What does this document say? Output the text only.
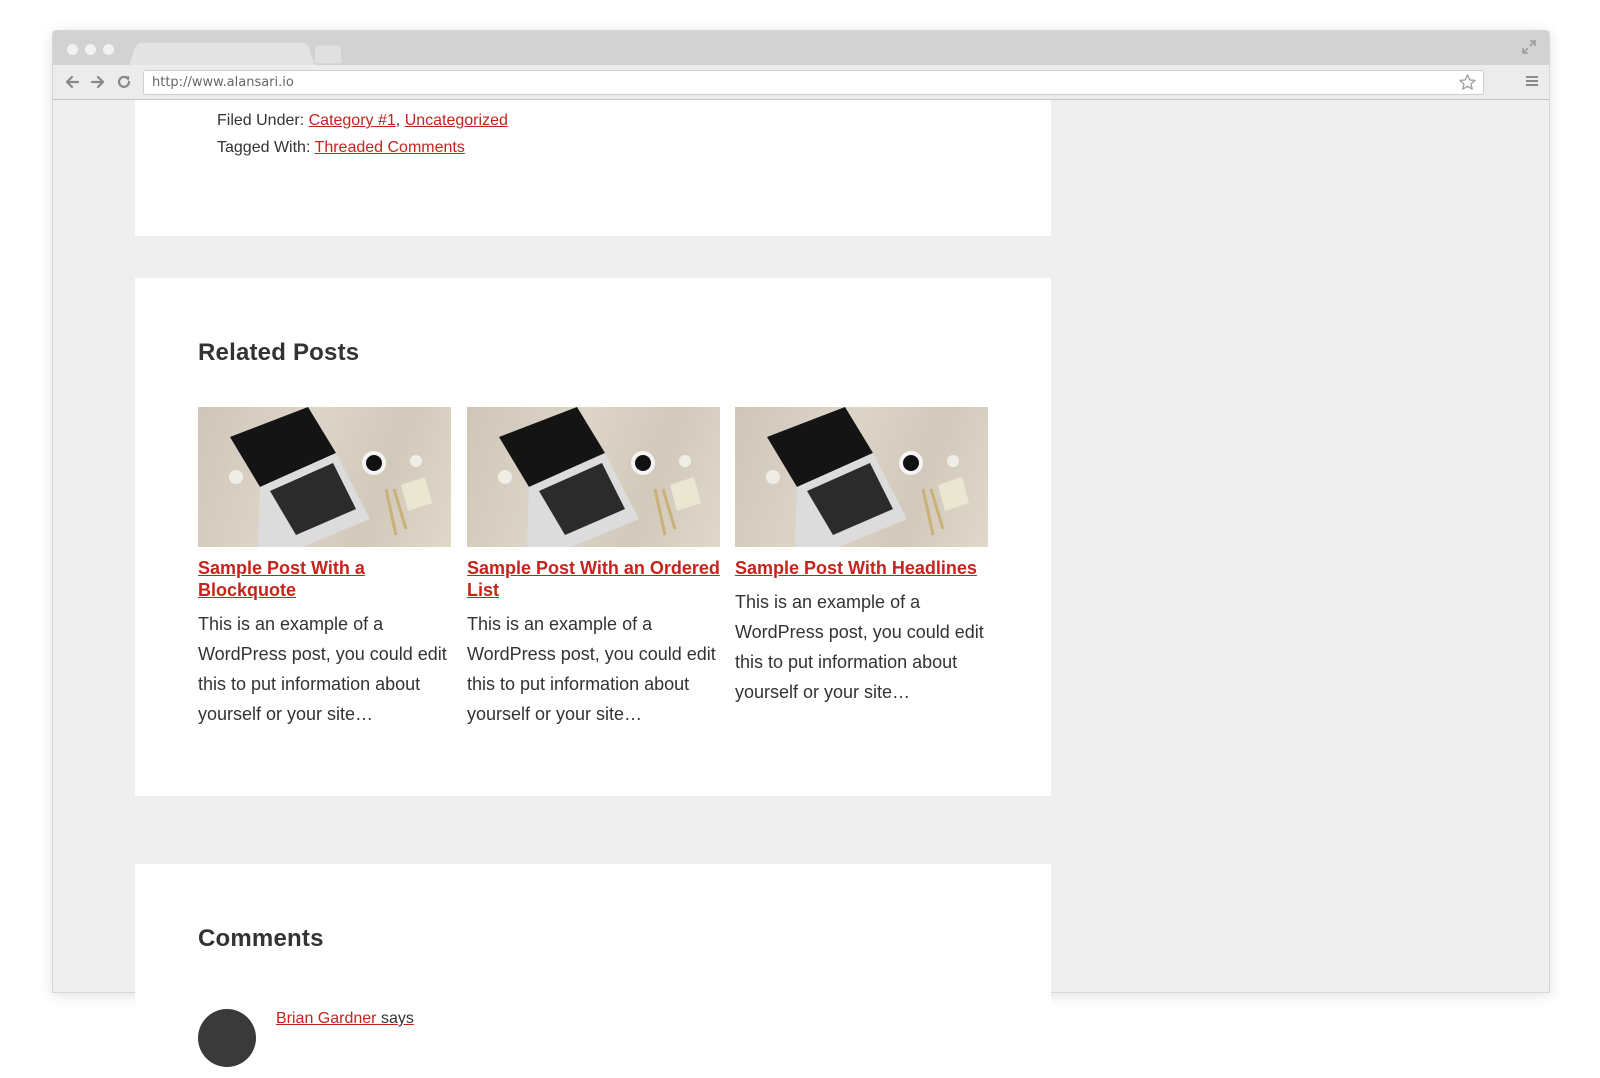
http://www.alansari.io
Filed Under: Category #1, Uncategorized
Tagged With: Threaded Comments
Related Posts
Sample Post With a Blockquote
This is an example of a WordPress post, you could edit this to put information about yourself or your site…
Sample Post With an Ordered List
This is an example of a WordPress post, you could edit this to put information about yourself or your site…
Sample Post With Headlines
This is an example of a WordPress post, you could edit this to put information about yourself or your site…
Comments
Brian Gardner says
